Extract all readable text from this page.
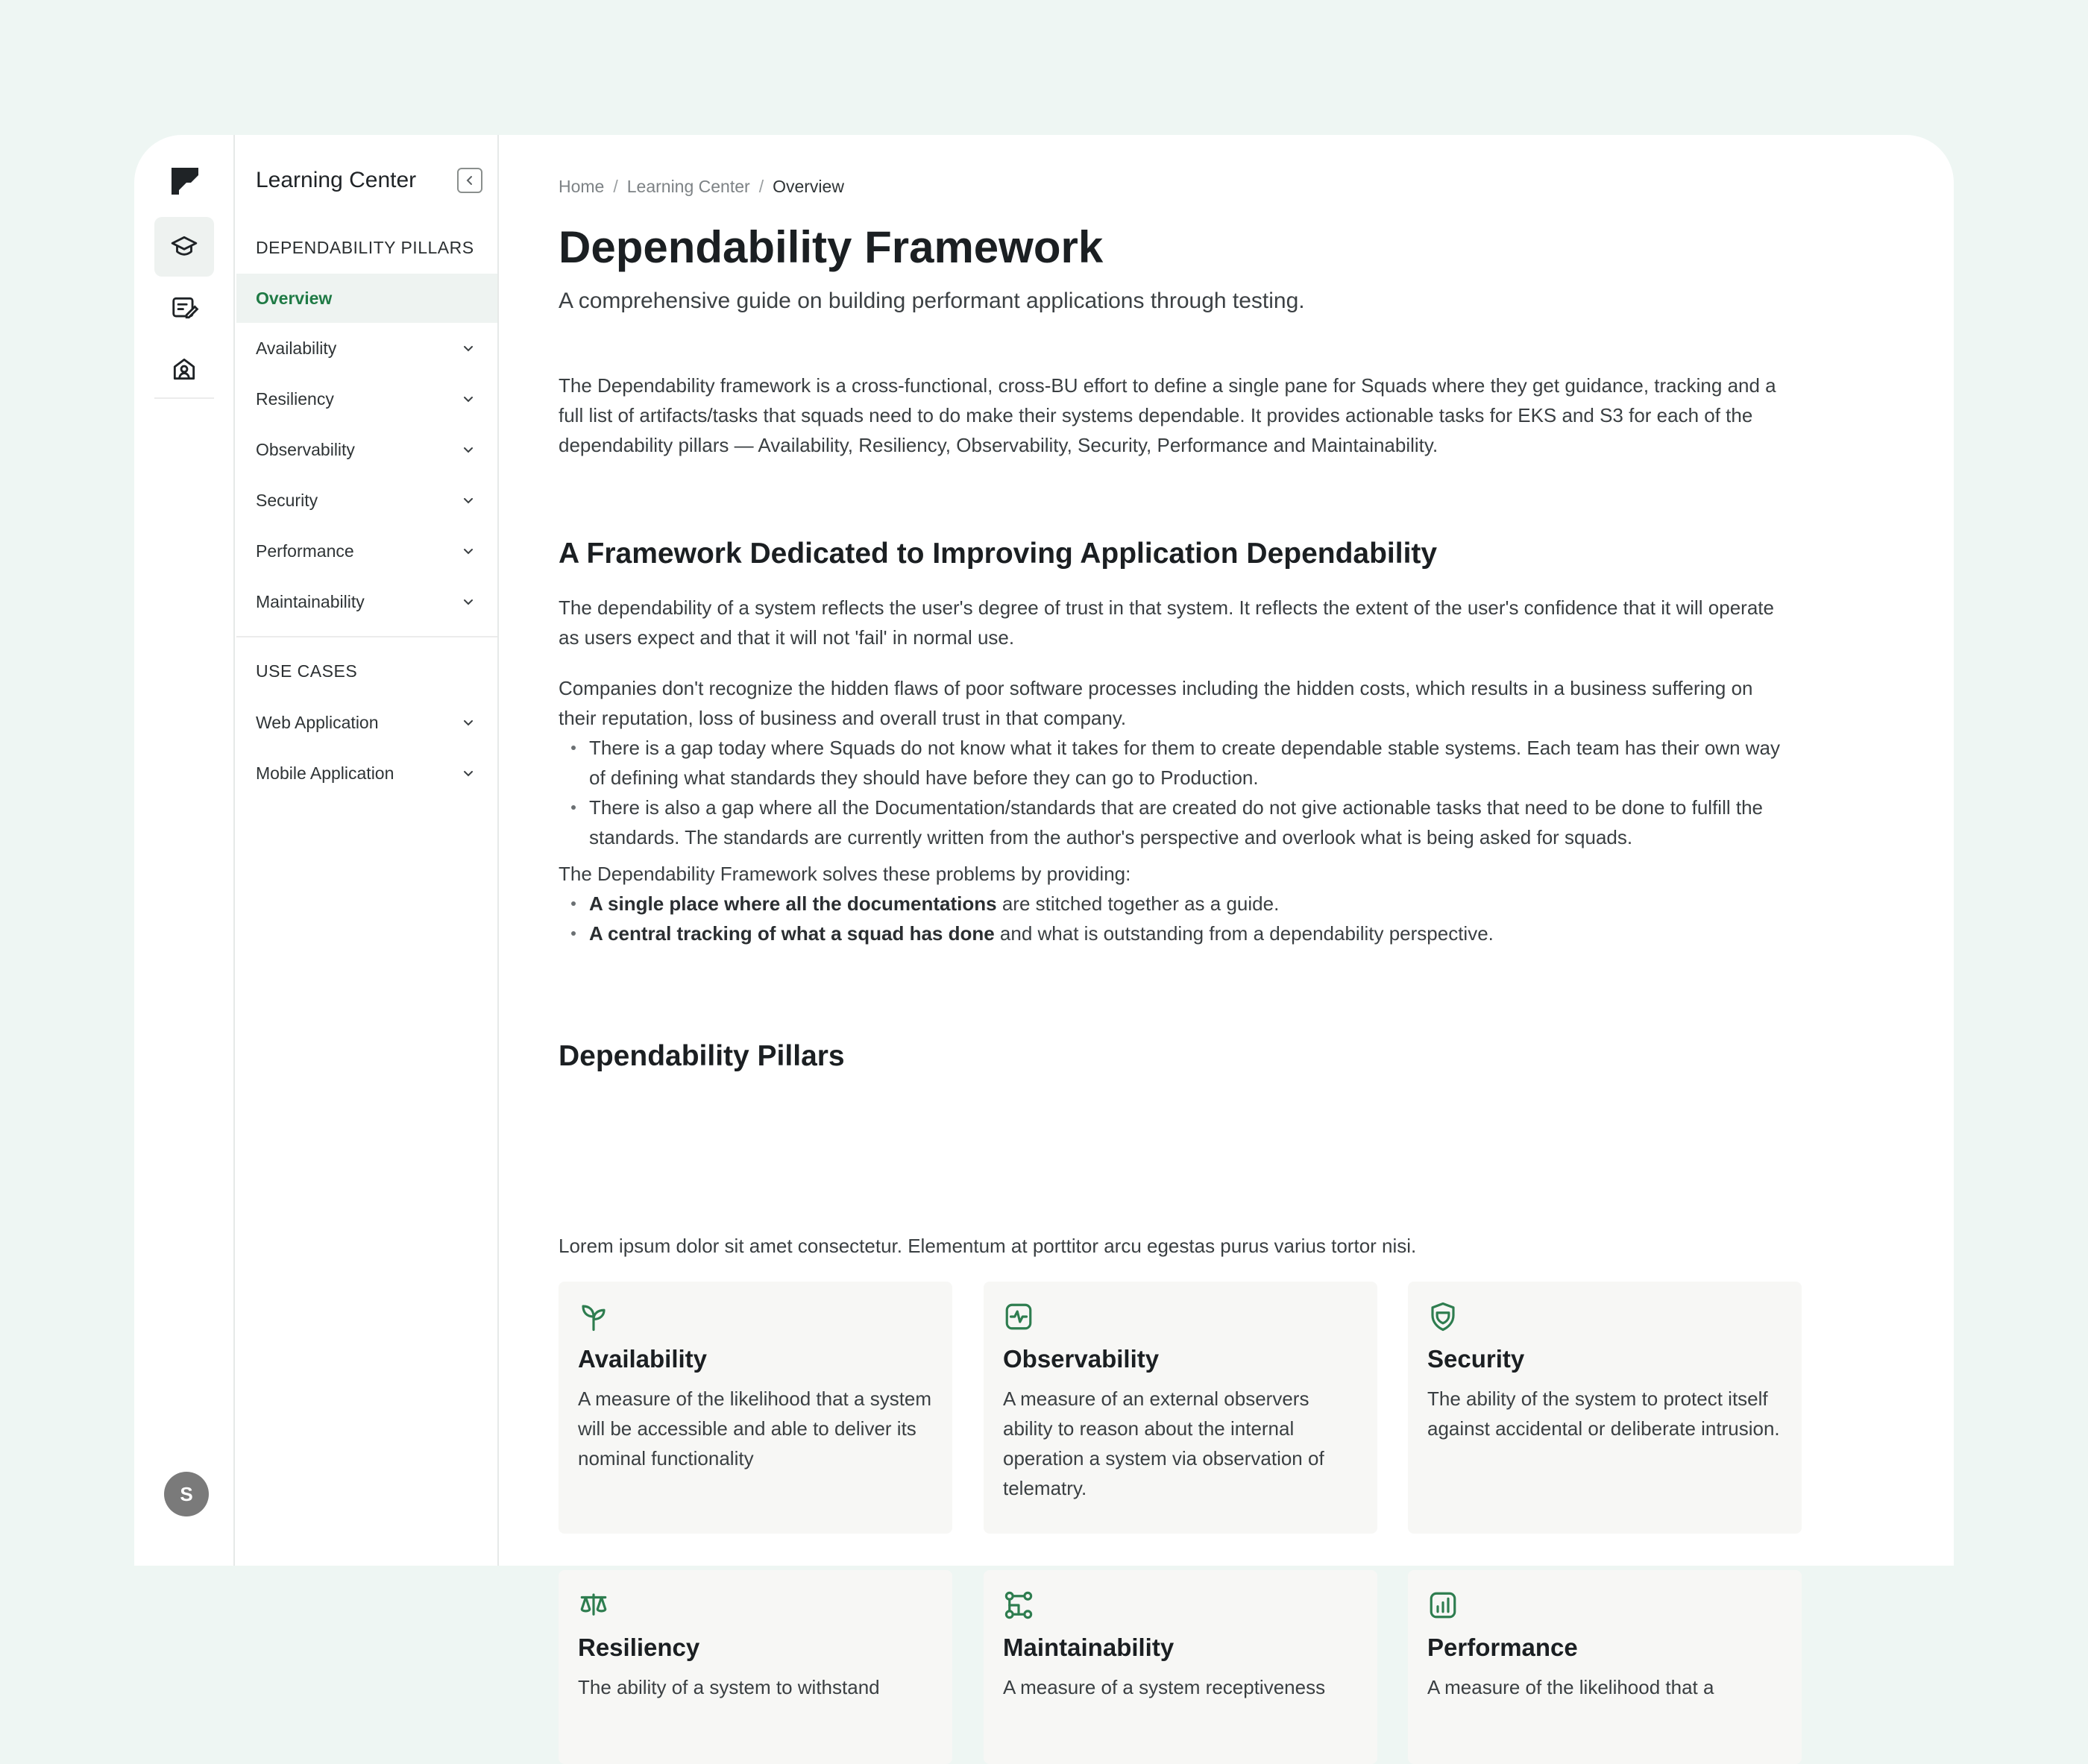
S
Learning Center
DEPENDABILITY PILLARS
Overview
Availability
Resiliency
Observability
Security
Performance
Maintainability
USE CASES
Web Application
Mobile Application
Home / Learning Center / Overview
Dependability Framework
A comprehensive guide on building performant applications through testing.

The Dependability framework is a cross-functional, cross-BU effort to define a single pane for Squads where they get guidance, tracking and a full list of artifacts/tasks that squads need to do make their systems dependable. It provides actionable tasks for EKS and S3 for each of the dependability pillars — Availability, Resiliency, Observability, Security, Performance and Maintainability.

A Framework Dedicated to Improving Application Dependability

The dependability of a system reflects the user's degree of trust in that system. It reflects the extent of the user's confidence that it will operate as users expect and that it will not 'fail' in normal use.

Companies don't recognize the hidden flaws of poor software processes including the hidden costs, which results in a business suffering on their reputation, loss of business and overall trust in that company.

There is a gap today where Squads do not know what it takes for them to create dependable stable systems. Each team has their own way of defining what standards they should have before they can go to Production.
There is also a gap where all the Documentation/standards that are created do not give actionable tasks that need to be done to fulfill the standards. The standards are currently written from the author's perspective and overlook what is being asked for squads.

The Dependability Framework solves these problems by providing:

A single place where all the documentations are stitched together as a guide.
A central tracking of what a squad has done and what is outstanding from a dependability perspective.
Dependability Pillars

Lorem ipsum dolor sit amet consectetur. Elementum at porttitor arcu egestas purus varius tortor nisi.

Availability
A measure of the likelihood that a system will be accessible and able to deliver its nominal functionality
Observability
A measure of an external observers ability to reason about the internal operation a system via observation of telematry.
Security
The ability of the system to protect itself against accidental or deliberate intrusion.
Resiliency
The ability of a system to withstand
Maintainability
A measure of a system receptiveness
Performance
A measure of the likelihood that a
